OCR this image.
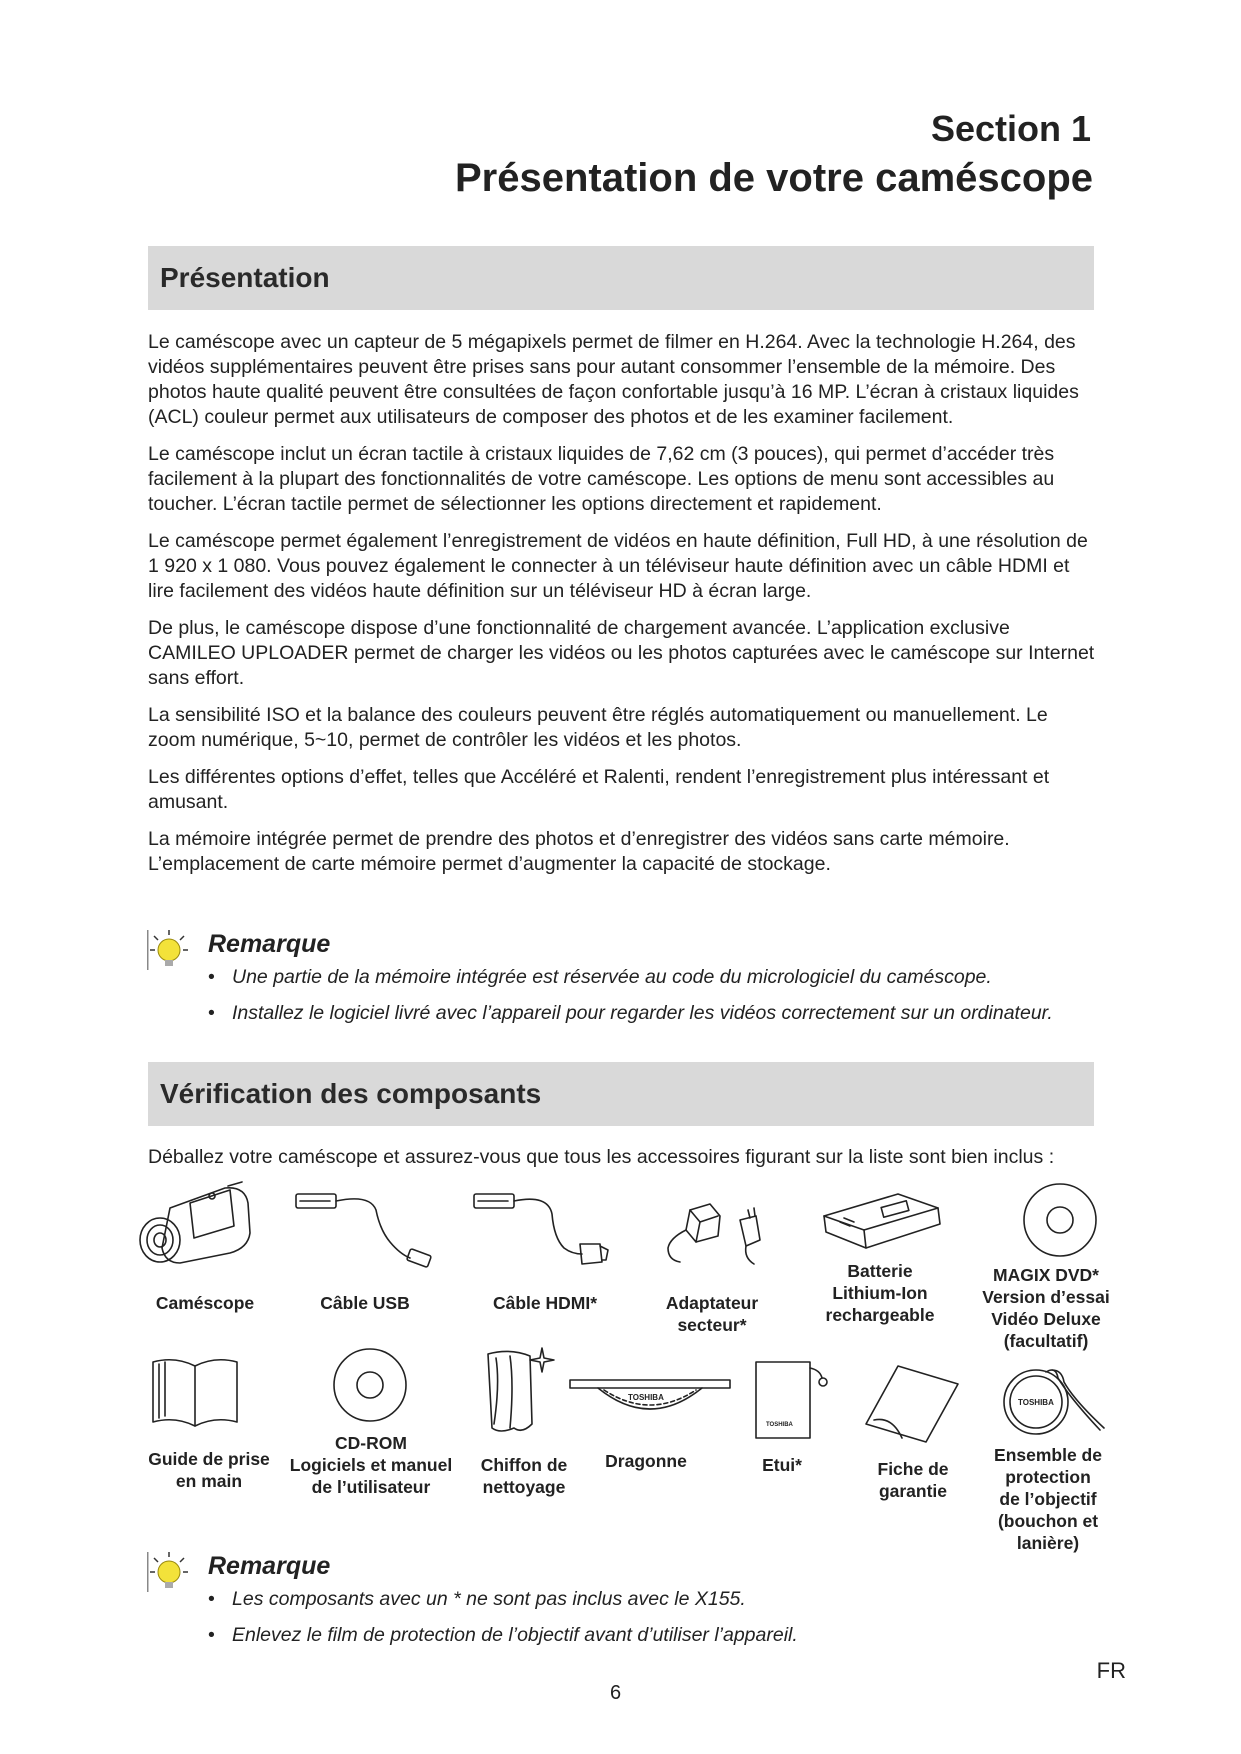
Section 1
Présentation de votre caméscope
Présentation

Le caméscope avec un capteur de 5 mégapixels permet de filmer en H.264. Avec la technologie H.264, des vidéos supplémentaires peuvent être prises sans pour autant consommer l’ensemble de la mémoire. Des photos haute qualité peuvent être consultées de façon confortable jusqu’à 16 MP. L’écran à cristaux liquides (ACL) couleur permet aux utilisateurs de composer des photos et de les examiner facilement.

Le caméscope inclut un écran tactile à cristaux liquides de 7,62 cm (3 pouces), qui permet d’accéder très facilement à la plupart des fonctionnalités de votre caméscope. Les options de menu sont accessibles au toucher. L’écran tactile permet de sélectionner les options directement et rapidement.

Le caméscope permet également l’enregistrement de vidéos en haute définition, Full HD, à une résolution de 1 920 x 1 080. Vous pouvez également le connecter à un téléviseur haute définition avec un câble HDMI et lire facilement des vidéos haute définition sur un téléviseur HD à écran large.

De plus, le caméscope dispose d’une fonctionnalité de chargement avancée. L’application exclusive CAMILEO UPLOADER permet de charger les vidéos ou les photos capturées avec le caméscope sur Internet sans effort.

La sensibilité ISO et la balance des couleurs peuvent être réglés automatiquement ou manuellement. Le zoom numérique, 5~10, permet de contrôler les vidéos et les photos.

Les différentes options d’effet, telles que Accéléré et Ralenti, rendent l’enregistrement plus intéressant et amusant.

La mémoire intégrée permet de prendre des photos et d’enregistrer des vidéos sans carte mémoire. L’emplacement de carte mémoire permet d’augmenter la capacité de stockage.

Remarque
• Une partie de la mémoire intégrée est réservée au code du micrologiciel du caméscope.
• Installez le logiciel livré avec l’appareil pour regarder les vidéos correctement sur un ordinateur.
Vérification des composants
Déballez votre caméscope et assurez-vous que tous les accessoires figurant sur la liste sont bien inclus :
Caméscope	Câble USB	Câble HDMI*	Adaptateur
secteur*
Batterie
Lithium-Ion
rechargeable
MAGIX DVD*
Version d’essai
Vidéo Deluxe
(facultatif)
TOSHIBA
TOSHIBA
TOSHIBA
Guide de prise
en main
CD-ROM
Logiciels et manuel
de l’utilisateur
Chiffon de
nettoyage
Dragonne	Etui*	Fiche de
garantie
Ensemble de
protection
de l’objectif
(bouchon et
lanière)
Remarque
• Les composants avec un * ne sont pas inclus avec le X155.
• Enlevez le film de protection de l’objectif avant d’utiliser l’appareil.
FR
6
